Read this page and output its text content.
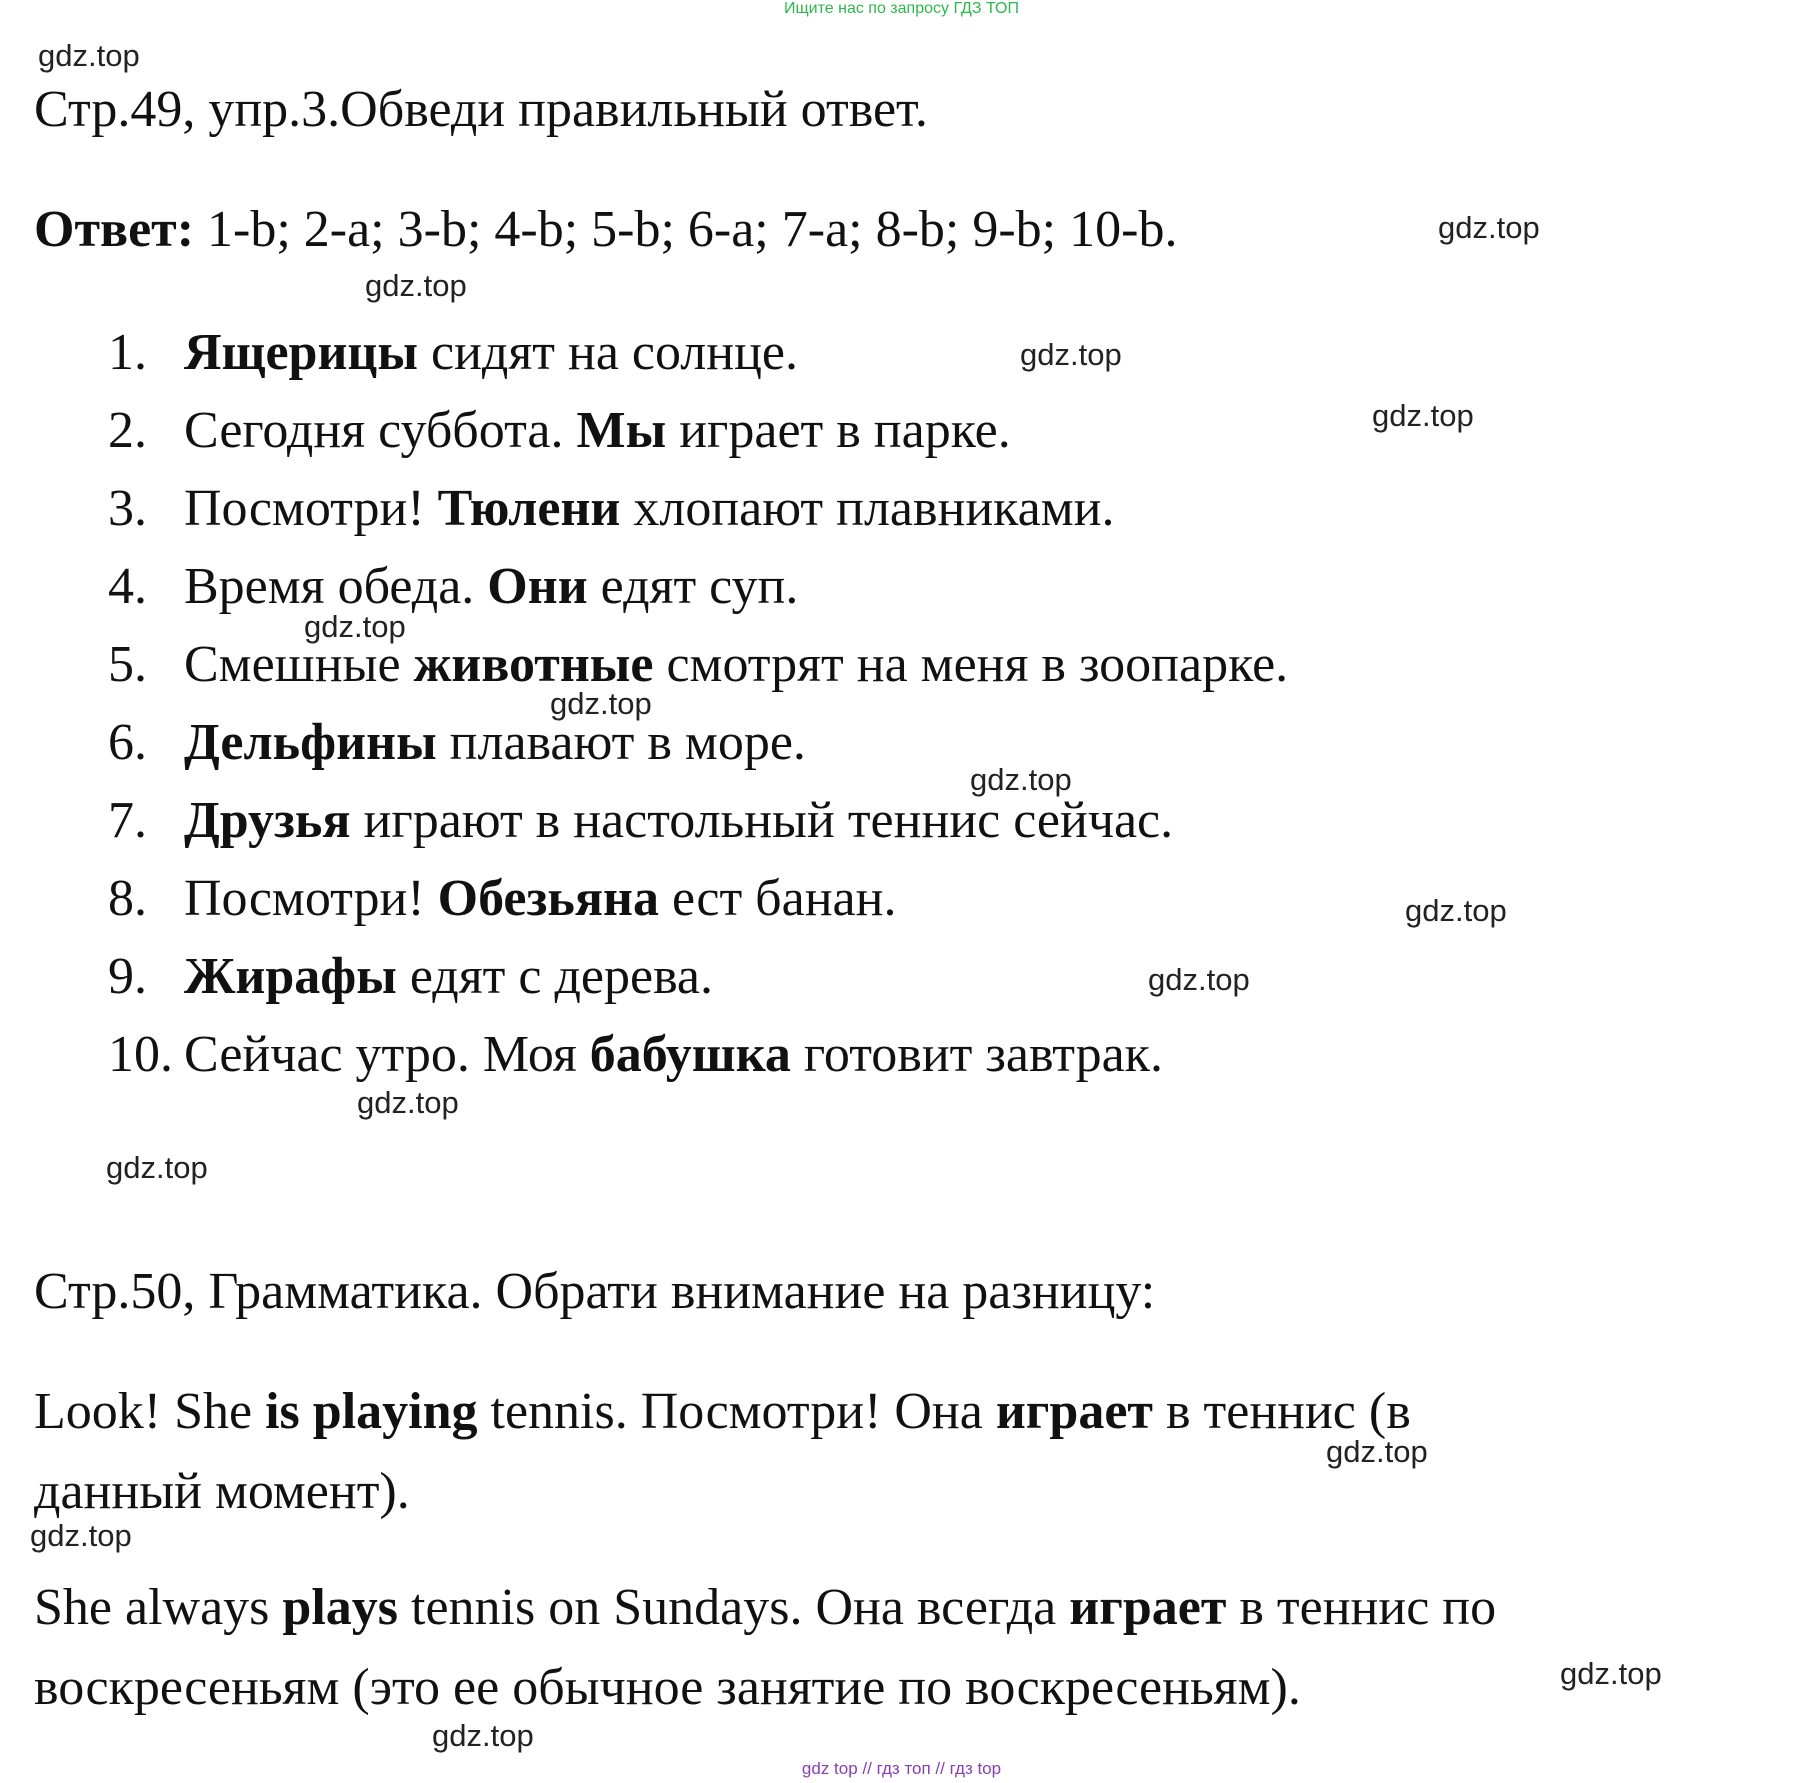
Ищите нас по запросу ГДЗ ТОП
Стр.49, упр.3.Обведи правильный ответ.
Ответ: 1-b; 2-a; 3-b; 4-b; 5-b; 6-a; 7-a; 8-b; 9-b; 10-b.
1. Ящерицы сидят на солнце.
2. Сегодня суббота. Мы играет в парке.
3. Посмотри! Тюлени хлопают плавниками.
4. Время обеда. Они едят суп.
5. Смешные животные смотрят на меня в зоопарке.
6. Дельфины плавают в море.
7. Друзья играют в настольный теннис сейчас.
8. Посмотри! Обезьяна ест банан.
9. Жирафы едят с дерева.
10. Сейчас утро. Моя бабушка готовит завтрак.
Стр.50, Грамматика. Обрати внимание на разницу:
Look! She is playing tennis. Посмотри! Она играет в теннис (в
данный момент).
She always plays tennis on Sundays. Она всегда играет в теннис по
воскресеньям (это ее обычное занятие по воскресеньям).
gdz.top
gdz.top
gdz.top
gdz.top
gdz.top
gdz.top
gdz.top
gdz.top
gdz.top
gdz.top
gdz.top
gdz.top
gdz.top
gdz.top
gdz.top
gdz.top
gdz top // гдз топ // гдз top
